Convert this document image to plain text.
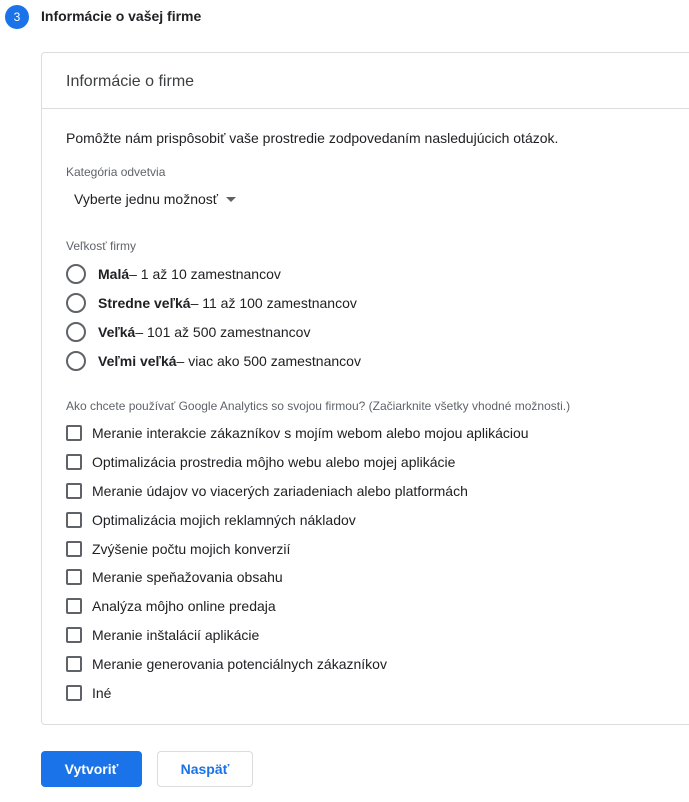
3	Informácie o vašej firme
Informácie o firme
Pomôžte nám prispôsobiť vaše prostredie zodpovedaním nasledujúcich otázok.
Kategória odvetvia
Vyberte jednu možnosť
Veľkosť firmy
Malá – 1 až 10 zamestnancov
Stredne veľká – 11 až 100 zamestnancov
Veľká – 101 až 500 zamestnancov
Veľmi veľká – viac ako 500 zamestnancov
Ako chcete používať Google Analytics so svojou firmou? (Začiarknite všetky vhodné možnosti.)
Meranie interakcie zákazníkov s mojím webom alebo mojou aplikáciou
Optimalizácia prostredia môjho webu alebo mojej aplikácie
Meranie údajov vo viacerých zariadeniach alebo platformách
Optimalizácia mojich reklamných nákladov
Zvýšenie počtu mojich konverzií
Meranie speňažovania obsahu
Analýza môjho online predaja
Meranie inštalácií aplikácie
Meranie generovania potenciálnych zákazníkov
Iné
Vytvoriť	Naspäť
